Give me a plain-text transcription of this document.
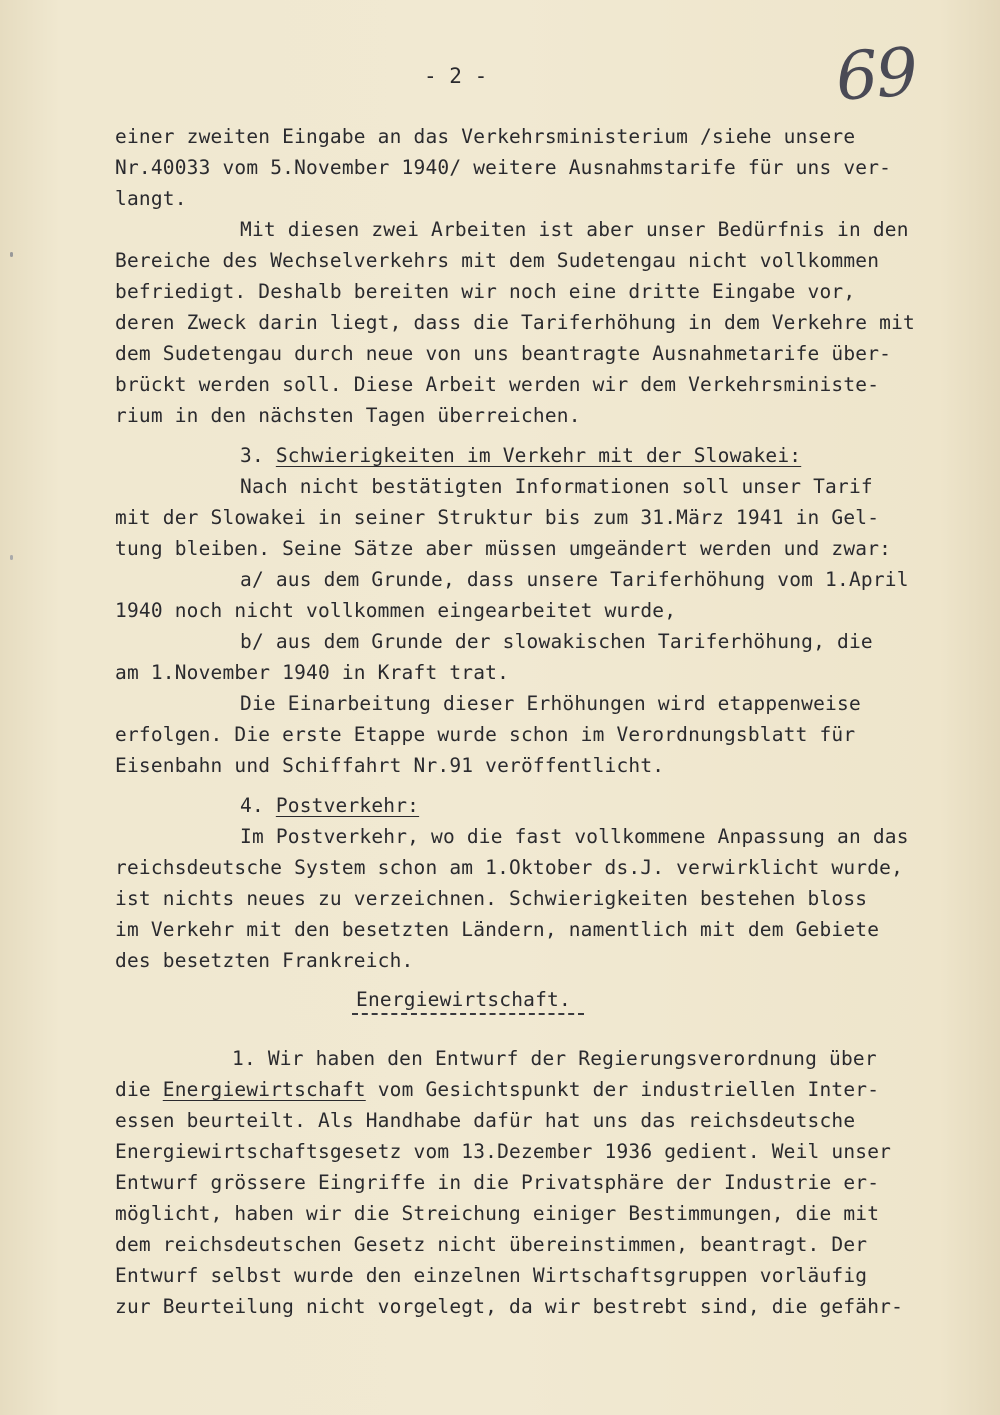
- 2 -	69
einer zweiten Eingabe an das Verkehrsministerium /siehe unsere
Nr.40033 vom 5.November 1940/ weitere Ausnahmstarife für uns ver-
langt.
Mit diesen zwei Arbeiten ist aber unser Bedürfnis in den
Bereiche des Wechselverkehrs mit dem Sudetengau nicht vollkommen
befriedigt. Deshalb bereiten wir noch eine dritte Eingabe vor,
deren Zweck darin liegt, dass die Tariferhöhung in dem Verkehre mit
dem Sudetengau durch neue von uns beantragte Ausnahmetarife über-
brückt werden soll. Diese Arbeit werden wir dem Verkehrsministe-
rium in den nächsten Tagen überreichen.
3. Schwierigkeiten im Verkehr mit der Slowakei:
Nach nicht bestätigten Informationen soll unser Tarif
mit der Slowakei in seiner Struktur bis zum 31.März 1941 in Gel-
tung bleiben. Seine Sätze aber müssen umgeändert werden und zwar:
a/ aus dem Grunde, dass unsere Tariferhöhung vom 1.April
1940 noch nicht vollkommen eingearbeitet wurde,
b/ aus dem Grunde der slowakischen Tariferhöhung, die
am 1.November 1940 in Kraft trat.
Die Einarbeitung dieser Erhöhungen wird etappenweise
erfolgen. Die erste Etappe wurde schon im Verordnungsblatt für
Eisenbahn und Schiffahrt Nr.91 veröffentlicht.
4. Postverkehr:
Im Postverkehr, wo die fast vollkommene Anpassung an das
reichsdeutsche System schon am 1.Oktober ds.J. verwirklicht wurde,
ist nichts neues zu verzeichnen. Schwierigkeiten bestehen bloss
im Verkehr mit den besetzten Ländern, namentlich mit dem Gebiete
des besetzten Frankreich.
Energiewirtschaft.
1. Wir haben den Entwurf der Regierungsverordnung über
die Energiewirtschaft vom Gesichtspunkt der industriellen Inter-
essen beurteilt. Als Handhabe dafür hat uns das reichsdeutsche
Energiewirtschaftsgesetz vom 13.Dezember 1936 gedient. Weil unser
Entwurf grössere Eingriffe in die Privatsphäre der Industrie er-
möglicht, haben wir die Streichung einiger Bestimmungen, die mit
dem reichsdeutschen Gesetz nicht übereinstimmen, beantragt. Der
Entwurf selbst wurde den einzelnen Wirtschaftsgruppen vorläufig
zur Beurteilung nicht vorgelegt, da wir bestrebt sind, die gefähr-
